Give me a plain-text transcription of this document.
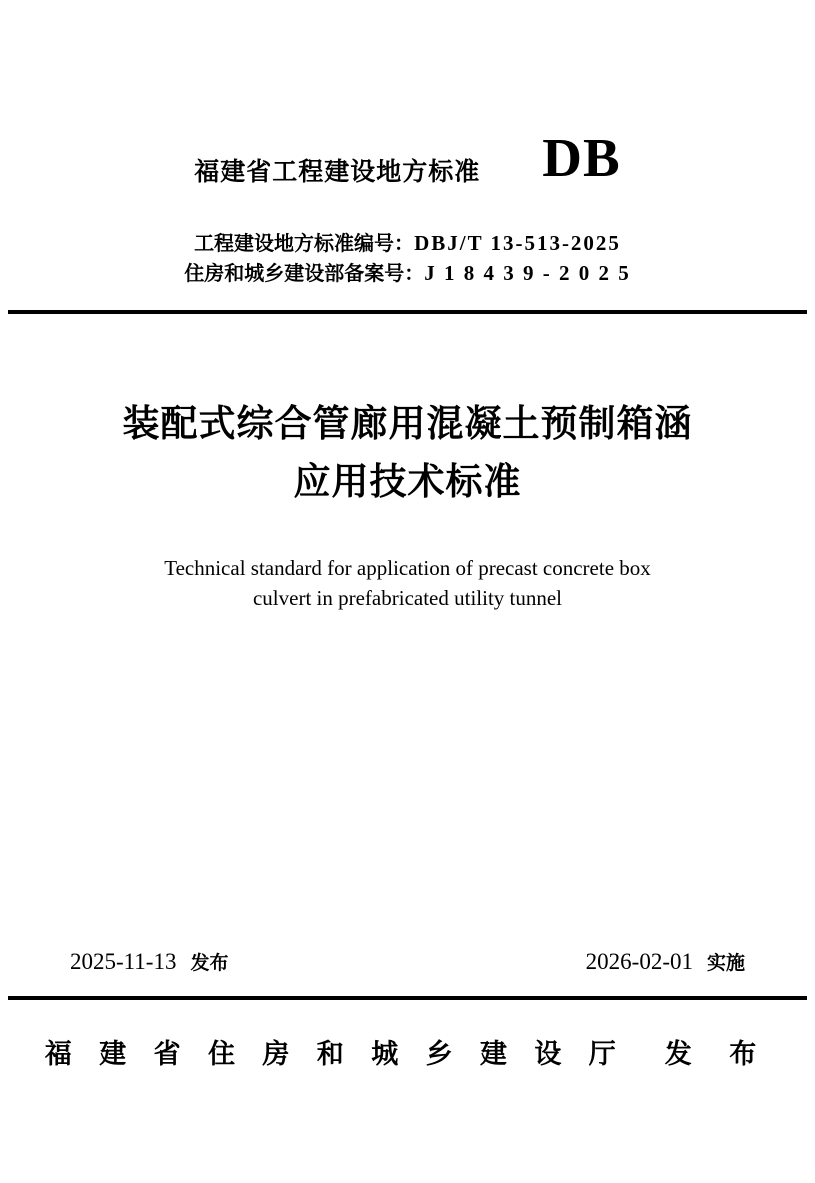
福建省工程建设地方标准 DB
工程建设地方标准编号：DBJ/T 13-513-2025
住房和城乡建设部备案号：J 1 8 4 3 9 - 2 0 2 5
装配式综合管廊用混凝土预制箱涵
应用技术标准
Technical standard for application of precast concrete box
culvert in prefabricated utility tunnel
2025-11-13 发布	2026-02-01 实施
福 建 省 住 房 和 城 乡 建 设 厅 发 布
